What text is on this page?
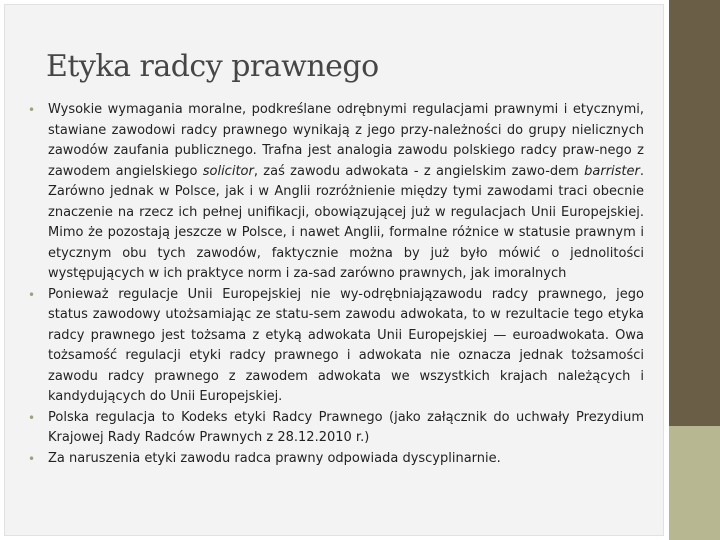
Etyka radcy prawnego
• Wysokie wymagania moralne, podkreślane odrębnymi regulacjami prawnymi i etycznymi, stawiane zawodowi radcy prawnego wynikają z jego przy-należności do grupy nielicznych zawodów zaufania publicznego. Trafna jest analogia zawodu polskiego radcy praw-nego z zawodem angielskiego solicitor, zaś zawodu adwokata - z angielskim zawo-dem barrister. Zarówno jednak w Polsce, jak i w Anglii rozróżnienie między tymi zawodami traci obecnie znaczenie na rzecz ich pełnej unifikacji, obowiązującej już w regulacjach Unii Europejskiej. Mimo że pozostają jeszcze w Polsce, i nawet Anglii, formalne różnice w statusie prawnym i etycznym obu tych zawodów, faktycznie można by już było mówić o jednolitości występujących w ich praktyce norm i za-sad zarówno prawnych, jak imoralnych
• Ponieważ regulacje Unii Europejskiej nie wy-odrębniajązawodu radcy prawnego, jego status zawodowy utożsamiając ze statu-sem zawodu adwokata, to w rezultacie tego etyka radcy prawnego jest tożsama z etyką adwokata Unii Europejskiej — euroadwokata. Owa tożsamość regulacji etyki radcy prawnego i adwokata nie oznacza jednak tożsamości zawodu radcy prawnego z zawodem adwokata we wszystkich krajach należących i kandydujących do Unii Europejskiej.
• Polska regulacja to Kodeks etyki Radcy Prawnego (jako załącznik do uchwały Prezydium Krajowej Rady Radców Prawnych z 28.12.2010 r.)
• Za naruszenia etyki zawodu radca prawny odpowiada dyscyplinarnie.
